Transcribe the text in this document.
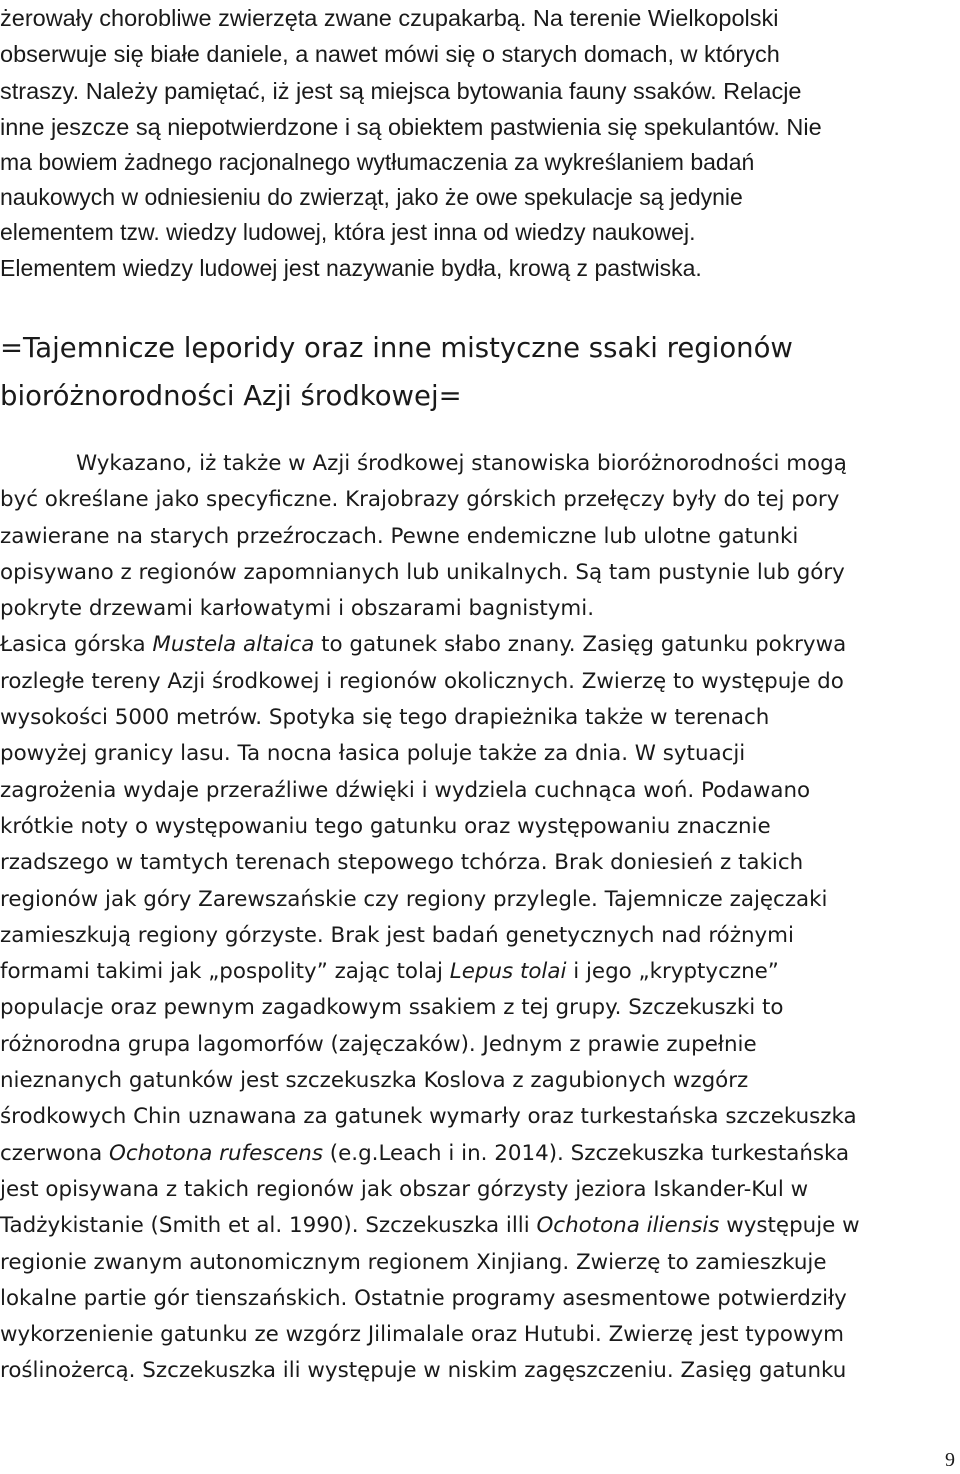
żerowały chorobliwe zwierzęta zwane czupakarbą. Na terenie Wielkopolski
obserwuje się białe daniele, a nawet mówi się o starych domach, w których
straszy. Należy pamiętać, iż jest są miejsca bytowania fauny ssaków. Relacje
inne jeszcze są niepotwierdzone i są obiektem pastwienia się spekulantów. Nie
ma bowiem żadnego racjonalnego wytłumaczenia za wykreślaniem badań
naukowych w odniesieniu do zwierząt, jako że owe spekulacje są jedynie
elementem tzw. wiedzy ludowej, która jest inna od wiedzy naukowej.
Elementem wiedzy ludowej jest nazywanie bydła, krową z pastwiska.
=Tajemnicze leporidy oraz inne mistyczne ssaki regionów
bioróżnorodności Azji środkowej=
Wykazano, iż także w Azji środkowej stanowiska bioróżnorodności mogą
być określane jako specyficzne. Krajobrazy górskich przełęczy były do tej pory
zawierane na starych przeźroczach. Pewne endemiczne lub ulotne gatunki
opisywano z regionów zapomnianych lub unikalnych. Są tam pustynie lub góry
pokryte drzewami karłowatymi i obszarami bagnistymi.
Łasica górska Mustela altaica to gatunek słabo znany. Zasięg gatunku pokrywa
rozległe tereny Azji środkowej i regionów okolicznych. Zwierzę to występuje do
wysokości 5000 metrów. Spotyka się tego drapieżnika także w terenach
powyżej granicy lasu. Ta nocna łasica poluje także za dnia. W sytuacji
zagrożenia wydaje przeraźliwe dźwięki i wydziela cuchnąca woń. Podawano
krótkie noty o występowaniu tego gatunku oraz występowaniu znacznie
rzadszego w tamtych terenach stepowego tchórza. Brak doniesień z takich
regionów jak góry Zarewszańskie czy regiony przylegle. Tajemnicze zajęczaki
zamieszkują regiony górzyste. Brak jest badań genetycznych nad różnymi
formami takimi jak „pospolity” zając tolaj Lepus tolai i jego „kryptyczne”
populacje oraz pewnym zagadkowym ssakiem z tej grupy. Szczekuszki to
różnorodna grupa lagomorfów (zajęczaków). Jednym z prawie zupełnie
nieznanych gatunków jest szczekuszka Koslova z zagubionych wzgórz
środkowych Chin uznawana za gatunek wymarły oraz turkestańska szczekuszka
czerwona Ochotona rufescens (e.g.Leach i in. 2014). Szczekuszka turkestańska
jest opisywana z takich regionów jak obszar górzysty jeziora Iskander-Kul w
Tadżykistanie (Smith et al. 1990). Szczekuszka illi Ochotona iliensis występuje w
regionie zwanym autonomicznym regionem Xinjiang. Zwierzę to zamieszkuje
lokalne partie gór tienszańskich. Ostatnie programy asesmentowe potwierdziły
wykorzenienie gatunku ze wzgórz Jilimalale oraz Hutubi. Zwierzę jest typowym
roślinożercą. Szczekuszka ili występuje w niskim zagęszczeniu. Zasięg gatunku
9
